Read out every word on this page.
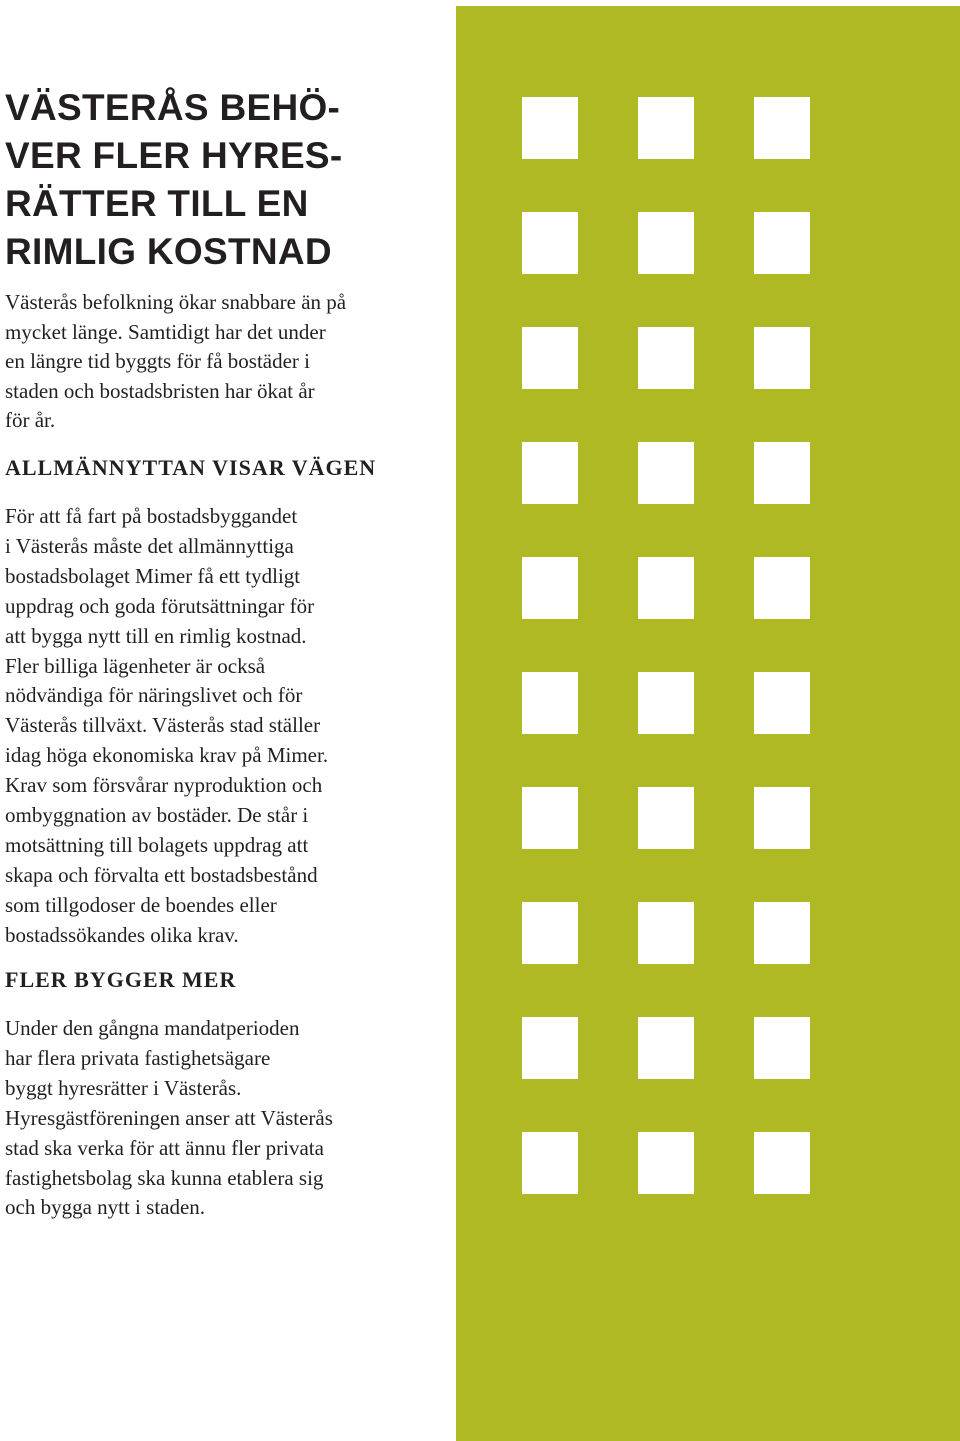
VÄSTERÅS BEHÖ-
VER FLER HYRES-
RÄTTER TILL EN
RIMLIG KOSTNAD

Västerås befolkning ökar snabbare än på
mycket länge. Samtidigt har det under
en längre tid byggts för få bostäder i
staden och bostadsbristen har ökat år
för år.

ALLMÄNNYTTAN VISAR VÄGEN

För att få fart på bostadsbyggandet
i Västerås måste det allmännyttiga
bostadsbolaget Mimer få ett tydligt
uppdrag och goda förutsättningar för
att bygga nytt till en rimlig kostnad.
Fler billiga lägenheter är också
nödvändiga för näringslivet och för
Västerås tillväxt. Västerås stad ställer
idag höga ekonomiska krav på Mimer.
Krav som försvårar nyproduktion och
ombyggnation av bostäder. De står i
motsättning till bolagets uppdrag att
skapa och förvalta ett bostadsbestånd
som tillgodoser de boendes eller
bostadssökandes olika krav.

FLER BYGGER MER

Under den gångna mandatperioden
har flera privata fastighetsägare
byggt hyresrätter i Västerås.
Hyresgästföreningen anser att Västerås
stad ska verka för att ännu fler privata
fastighetsbolag ska kunna etablera sig
och bygga nytt i staden.
